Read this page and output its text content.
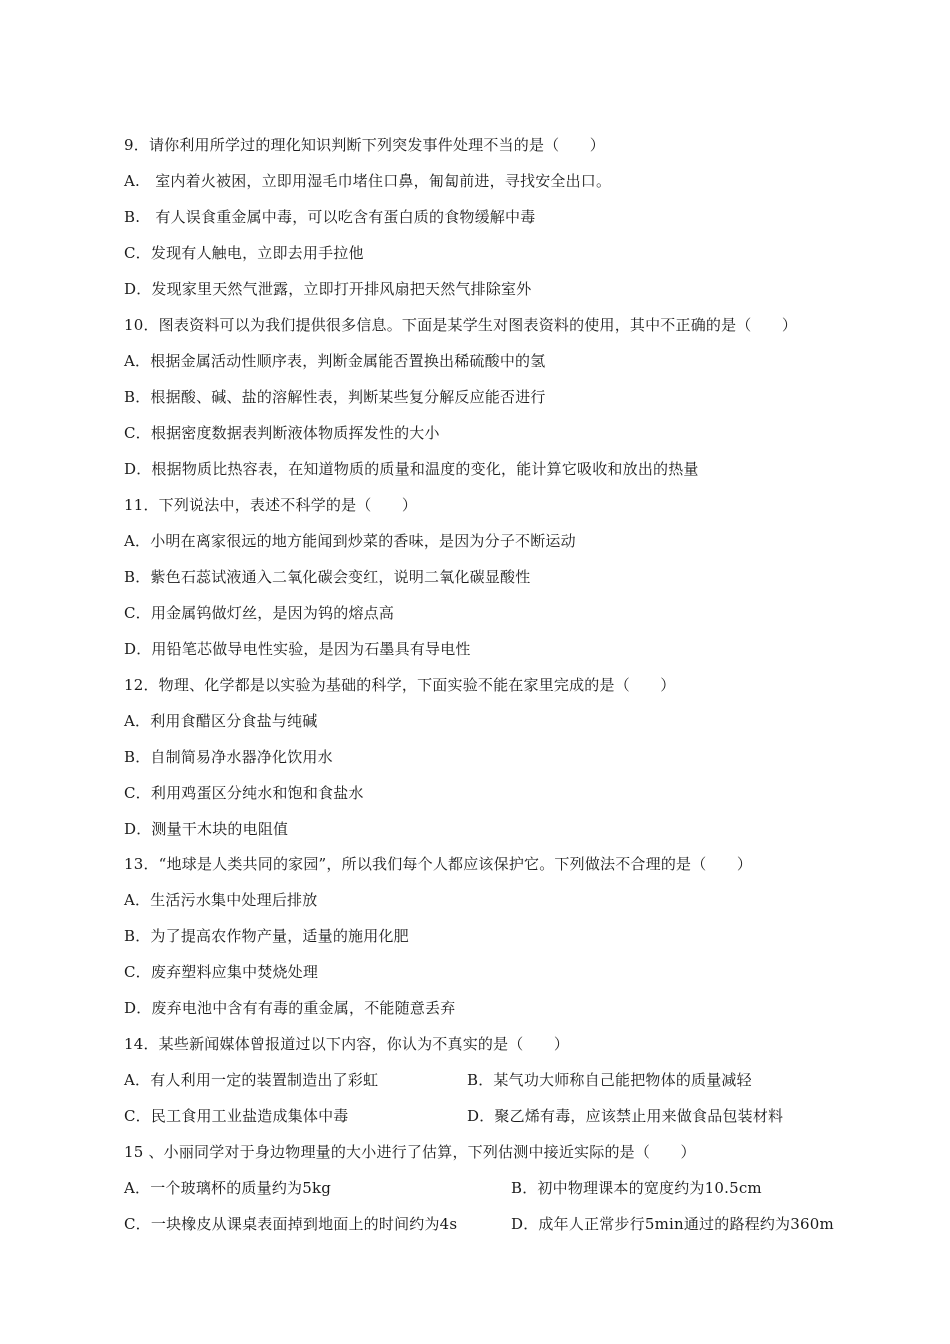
9．请你利用所学过的理化知识判断下列突发事件处理不当的是（　　）
A.　室内着火被困，立即用湿毛巾堵住口鼻，匍匐前进，寻找安全出口。
B.　有人误食重金属中毒，可以吃含有蛋白质的食物缓解中毒
C．发现有人触电，立即去用手拉他
D．发现家里天然气泄露，立即打开排风扇把天然气排除室外
10．图表资料可以为我们提供很多信息。下面是某学生对图表资料的使用，其中不正确的是（　　）
A．根据金属活动性顺序表，判断金属能否置换出稀硫酸中的氢
B．根据酸、碱、盐的溶解性表，判断某些复分解反应能否进行
C．根据密度数据表判断液体物质挥发性的大小
D．根据物质比热容表，在知道物质的质量和温度的变化，能计算它吸收和放出的热量
11．下列说法中，表述不科学的是（　　）
A．小明在离家很远的地方能闻到炒菜的香味，是因为分子不断运动
B．紫色石蕊试液通入二氧化碳会变红，说明二氧化碳显酸性
C．用金属钨做灯丝，是因为钨的熔点高
D．用铅笔芯做导电性实验，是因为石墨具有导电性
12．物理、化学都是以实验为基础的科学，下面实验不能在家里完成的是（　　）
A．利用食醋区分食盐与纯碱
B．自制简易净水器净化饮用水
C．利用鸡蛋区分纯水和饱和食盐水
D．测量干木块的电阻值
13．“地球是人类共同的家园”，所以我们每个人都应该保护它。下列做法不合理的是（　　）
A．生活污水集中处理后排放
B．为了提高农作物产量，适量的施用化肥
C．废弃塑料应集中焚烧处理
D．废弃电池中含有有毒的重金属，不能随意丢弃
14．某些新闻媒体曾报道过以下内容，你认为不真实的是（　　）
A．有人利用一定的装置制造出了彩虹	B．某气功大师称自己能把物体的质量减轻
C．民工食用工业盐造成集体中毒	D．聚乙烯有毒，应该禁止用来做食品包装材料
15 、小丽同学对于身边物理量的大小进行了估算，下列估测中接近实际的是（　　）
A．一个玻璃杯的质量约为5kg	B．初中物理课本的宽度约为10.5cm
C．一块橡皮从课桌表面掉到地面上的时间约为4s	D．成年人正常步行5min通过的路程约为360m
